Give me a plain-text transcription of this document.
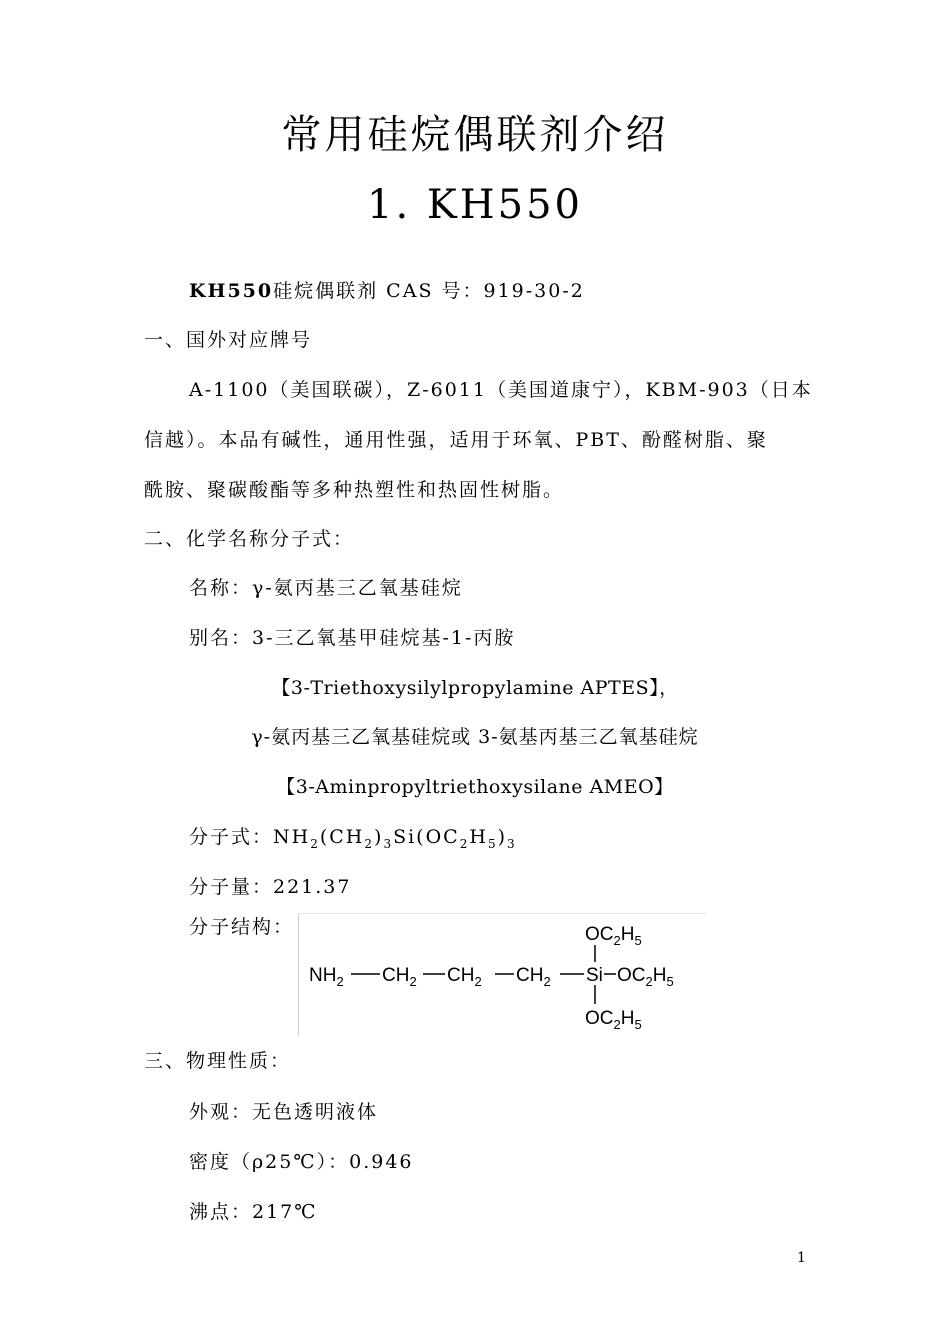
常用硅烷偶联剂介绍
1. KH550
KH550硅烷偶联剂 CAS 号：919-30-2
一、国外对应牌号
A-1100（美国联碳），Z-6011（美国道康宁），KBM-903（日本
信越）。本品有碱性，通用性强，适用于环氧、PBT、酚醛树脂、聚
酰胺、聚碳酸酯等多种热塑性和热固性树脂。
二、化学名称分子式：
名称：γ-氨丙基三乙氧基硅烷
别名：3-三乙氧基甲硅烷基-1-丙胺
【3-Triethoxysilylpropylamine APTES】，
γ-氨丙基三乙氧基硅烷或 3-氨基丙基三乙氧基硅烷
【3-Aminpropyltriethoxysilane AMEO】
分子式：$NH_2(CH_2)_3Si(OC_2H_5)_3$
分子量：221.37
分子结构：	$OC_2H_5$
$NH_2$ $CH_2$ $CH_2$ $CH_2$ Si $OC_2H_5$
$OC_2H_5$
三、物理性质：
外观：无色透明液体
密度（ρ25℃）：0.946
沸点：217℃
1
